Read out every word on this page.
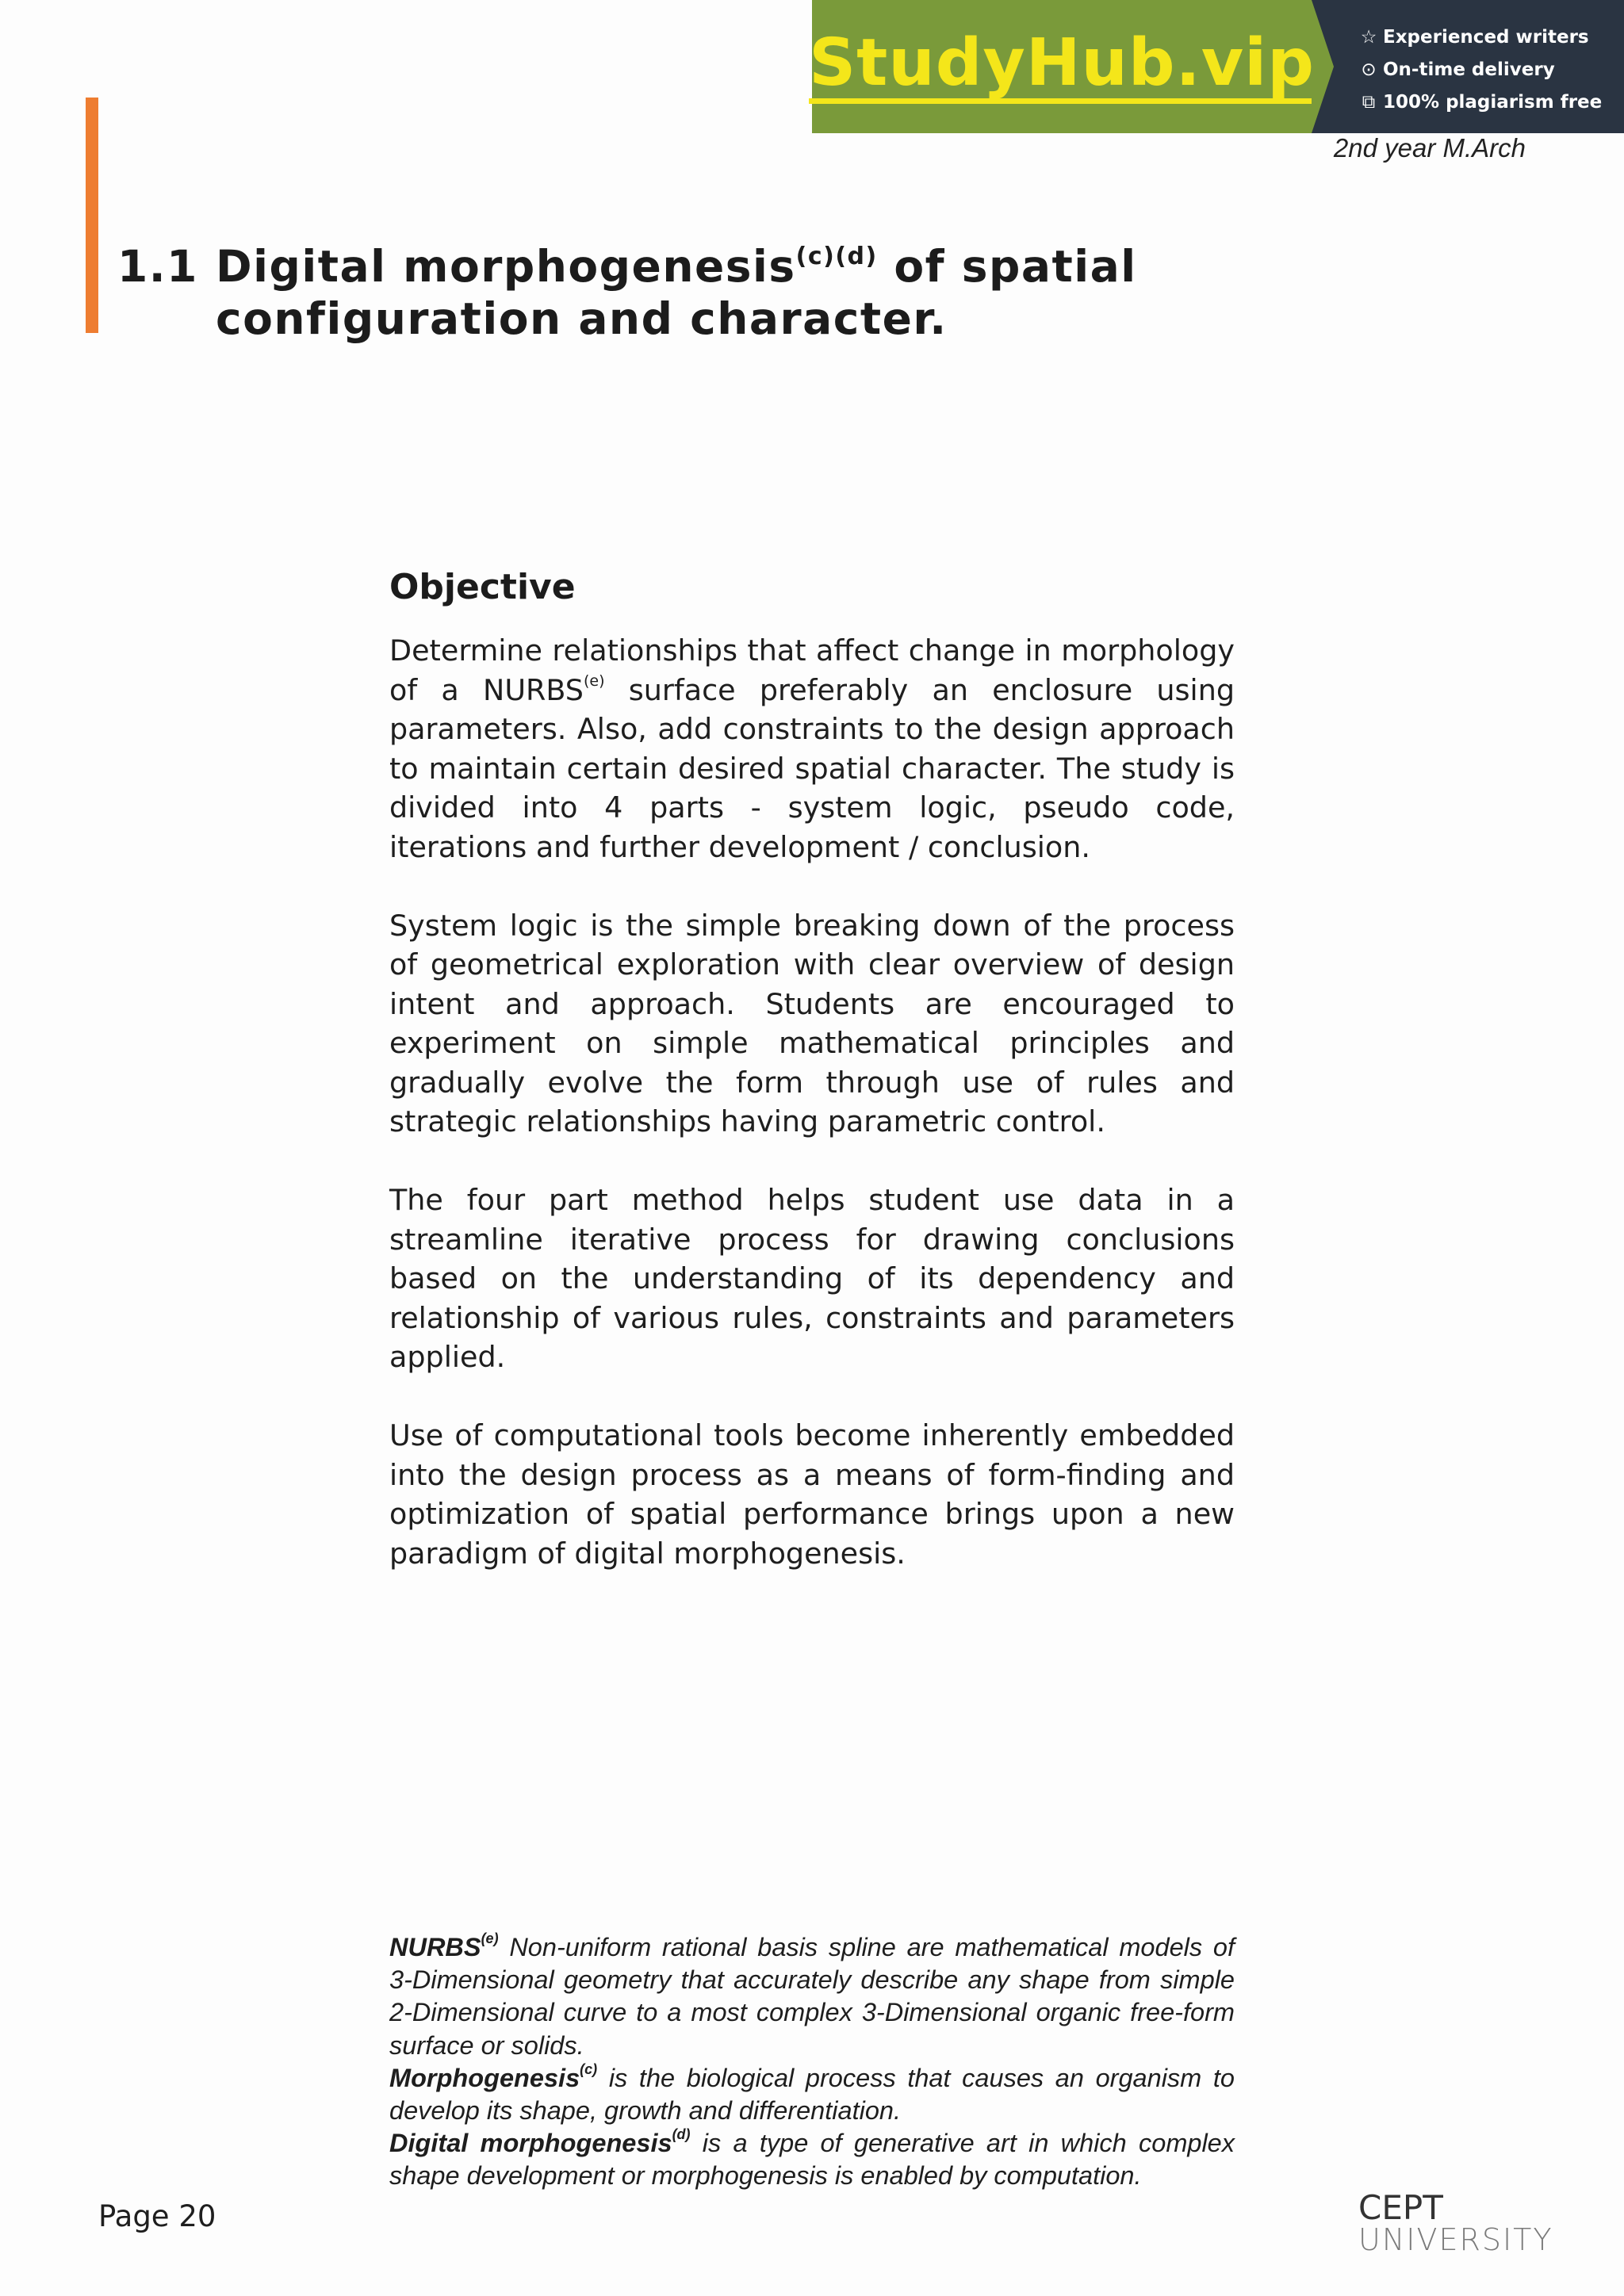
StudyHub.vip	☆ Experienced writers
⊙ On-time delivery
⧉ 100% plagiarism free
2nd year M.Arch
1.1 Digital morphogenesis$^{(c)(d)}$ of spatial configuration and character.
Objective

Determine relationships that affect change in morphology of a NURBS$^{(e)}$ surface preferably an enclosure using parameters. Also, add constraints to the design approach to maintain certain desired spatial character. The study is divided into 4 parts - system logic, pseudo code, iterations and further development / conclusion.

System logic is the simple breaking down of the process of geometrical exploration with clear overview of design intent and approach. Students are encouraged to experiment on simple mathematical principles and gradually evolve the form through use of rules and strategic relationships having parametric control.

The four part method helps student use data in a streamline iterative process for drawing conclusions based on the understanding of its dependency and relationship of various rules, constraints and parameters applied.

Use of computational tools become inherently embedded into the design process as a means of form-finding and optimization of spatial performance brings upon a new paradigm of digital morphogenesis.

NURBS$^{(e)}$ Non-uniform rational basis spline are mathematical models of 3-Dimensional geometry that accurately describe any shape from simple 2-Dimensional curve to a most complex 3-Dimensional organic free-form surface or solids.

Morphogenesis$^{(c)}$ is the biological process that causes an organism to develop its shape, growth and differentiation.

Digital morphogenesis$^{(d)}$ is a type of generative art in which complex shape development or morphogenesis is enabled by computation.

Page 20	CEPT
UNIVERSITY
